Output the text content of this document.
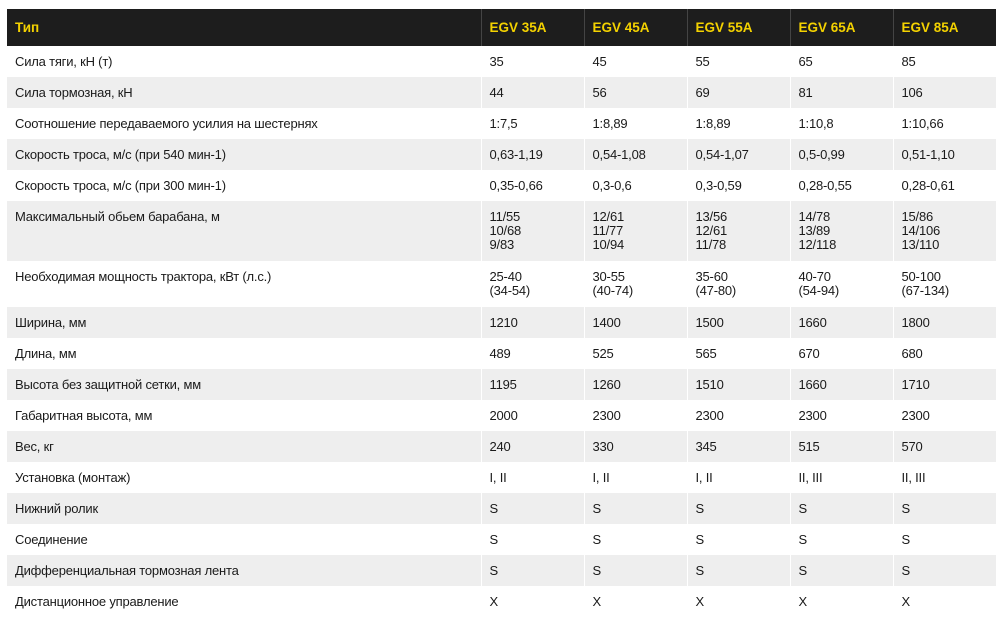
Тип	EGV 35A	EGV 45A	EGV 55A	EGV 65A	EGV 85A
Сила тяги, кН (т)	35	45	55	65	85

Сила тормозная, кН	44	56	69	81	106

Соотношение передаваемого усилия на шестернях	1:7,5	1:8,89	1:8,89	1:10,8	1:10,66

Скорость троса, м/с (при 540 мин-1)	0,63-1,19	0,54-1,08	0,54-1,07	0,5-0,99	0,51-1,10

Скорость троса, м/с (при 300 мин-1)	0,35-0,66	0,3-0,6	0,3-0,59	0,28-0,55	0,28-0,61

Максимальный обьем барабана, м	11/55
10/68
9/83	12/61
11/77
10/94	13/56
12/61
11/78	14/78
13/89
12/118	15/86
14/106
13/110

Необходимая мощность трактора, кВт (л.с.)	25-40
(34-54)	30-55
(40-74)	35-60
(47-80)	40-70
(54-94)	50-100
(67-134)

Ширина, мм	1210	1400	1500	1660	1800

Длина, мм	489	525	565	670	680

Высота без защитной сетки, мм	1195	1260	1510	1660	1710

Габаритная высота, мм	2000	2300	2300	2300	2300

Вес, кг	240	330	345	515	570

Установка (монтаж)	I, II	I, II	I, II	II, III	II, III

Нижний ролик	S	S	S	S	S

Соединение	S	S	S	S	S

Дифференциальная тормозная лента	S	S	S	S	S

Дистанционное управление	X	X	X	X	X
